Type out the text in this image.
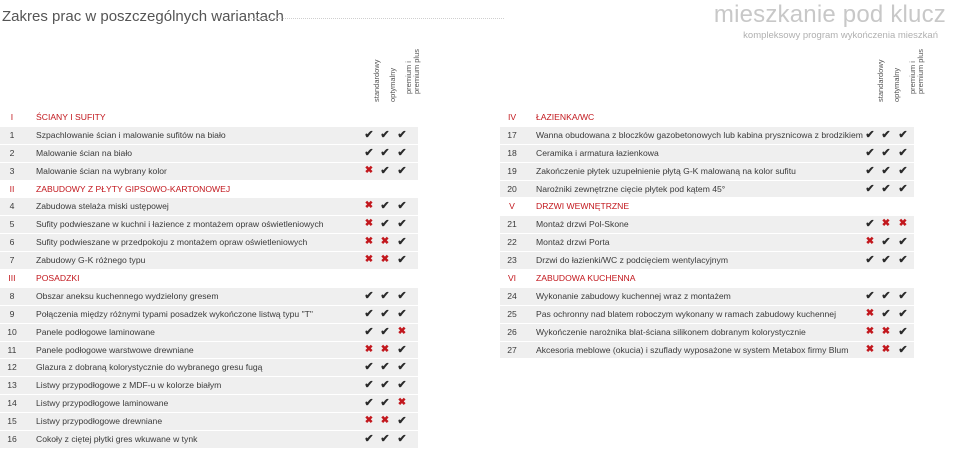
Zakres prac w poszczególnych wariantach	mieszkanie pod klucz
kompleksowy program wykończenia mieszkań
standardowy optymalny premium i premium plus	standardowy optymalny premium i premium plus
I	ŚCIANY I SUFITY
1	Szpachlowanie ścian i malowanie sufitów na biało	✔ ✔ ✔
2	Malowanie ścian na biało	✔ ✔ ✔
3	Malowanie ścian na wybrany kolor	✖ ✔ ✔
II	ZABUDOWY Z PŁYTY GIPSOWO-KARTONOWEJ
4	Zabudowa stelaża miski ustępowej	✖ ✔ ✔
5	Sufity podwieszane w kuchni i łazience z montażem opraw oświetleniowych	✖ ✔ ✔
6	Sufity podwieszane w przedpokoju z montażem opraw oświetleniowych	✖ ✖ ✔
7	Zabudowy G-K różnego typu	✖ ✖ ✔
III	POSADZKI
8	Obszar aneksu kuchennego wydzielony gresem	✔ ✔ ✔
9	Połączenia między różnymi typami posadzek wykończone listwą typu "T"	✔ ✔ ✔
10	Panele podłogowe laminowane	✔ ✔ ✖
11	Panele podłogowe warstwowe drewniane	✖ ✖ ✔
12	Glazura z dobraną kolorystycznie do wybranego gresu fugą	✔ ✔ ✔
13	Listwy przypodłogowe z MDF-u w kolorze białym	✔ ✔ ✔
14	Listwy przypodłogowe laminowane	✔ ✔ ✖
15	Listwy przypodłogowe drewniane	✖ ✖ ✔
16	Cokoły z ciętej płytki gres wkuwane w tynk	✔ ✔ ✔
IV	ŁAZIENKA/WC
17	Wanna obudowana z bloczków gazobetonowych lub kabina prysznicowa z brodzikiem ✔ ✔ ✔
18	Ceramika i armatura łazienkowa	✔ ✔ ✔
19	Zakończenie płytek uzupełnienie płytą G-K malowaną na kolor sufitu	✔ ✔ ✔
20	Narożniki zewnętrzne cięcie płytek pod kątem 45°	✔ ✔ ✔
V	DRZWI WEWNĘTRZNE
21	Montaż drzwi Pol-Skone	✔ ✖ ✖
22	Montaż drzwi Porta	✖ ✔ ✔
23	Drzwi do łazienki/WC z podcięciem wentylacyjnym	✔ ✔ ✔
VI	ZABUDOWA KUCHENNA
24	Wykonanie zabudowy kuchennej wraz z montażem	✔ ✔ ✔
25	Pas ochronny nad blatem roboczym wykonany w ramach zabudowy kuchennej	✖ ✔ ✔
26	Wykończenie narożnika blat-ściana silikonem dobranym kolorystycznie	✖ ✖ ✔
27	Akcesoria meblowe (okucia) i szuflady wyposażone w system Metabox firmy Blum	✖ ✖ ✔
